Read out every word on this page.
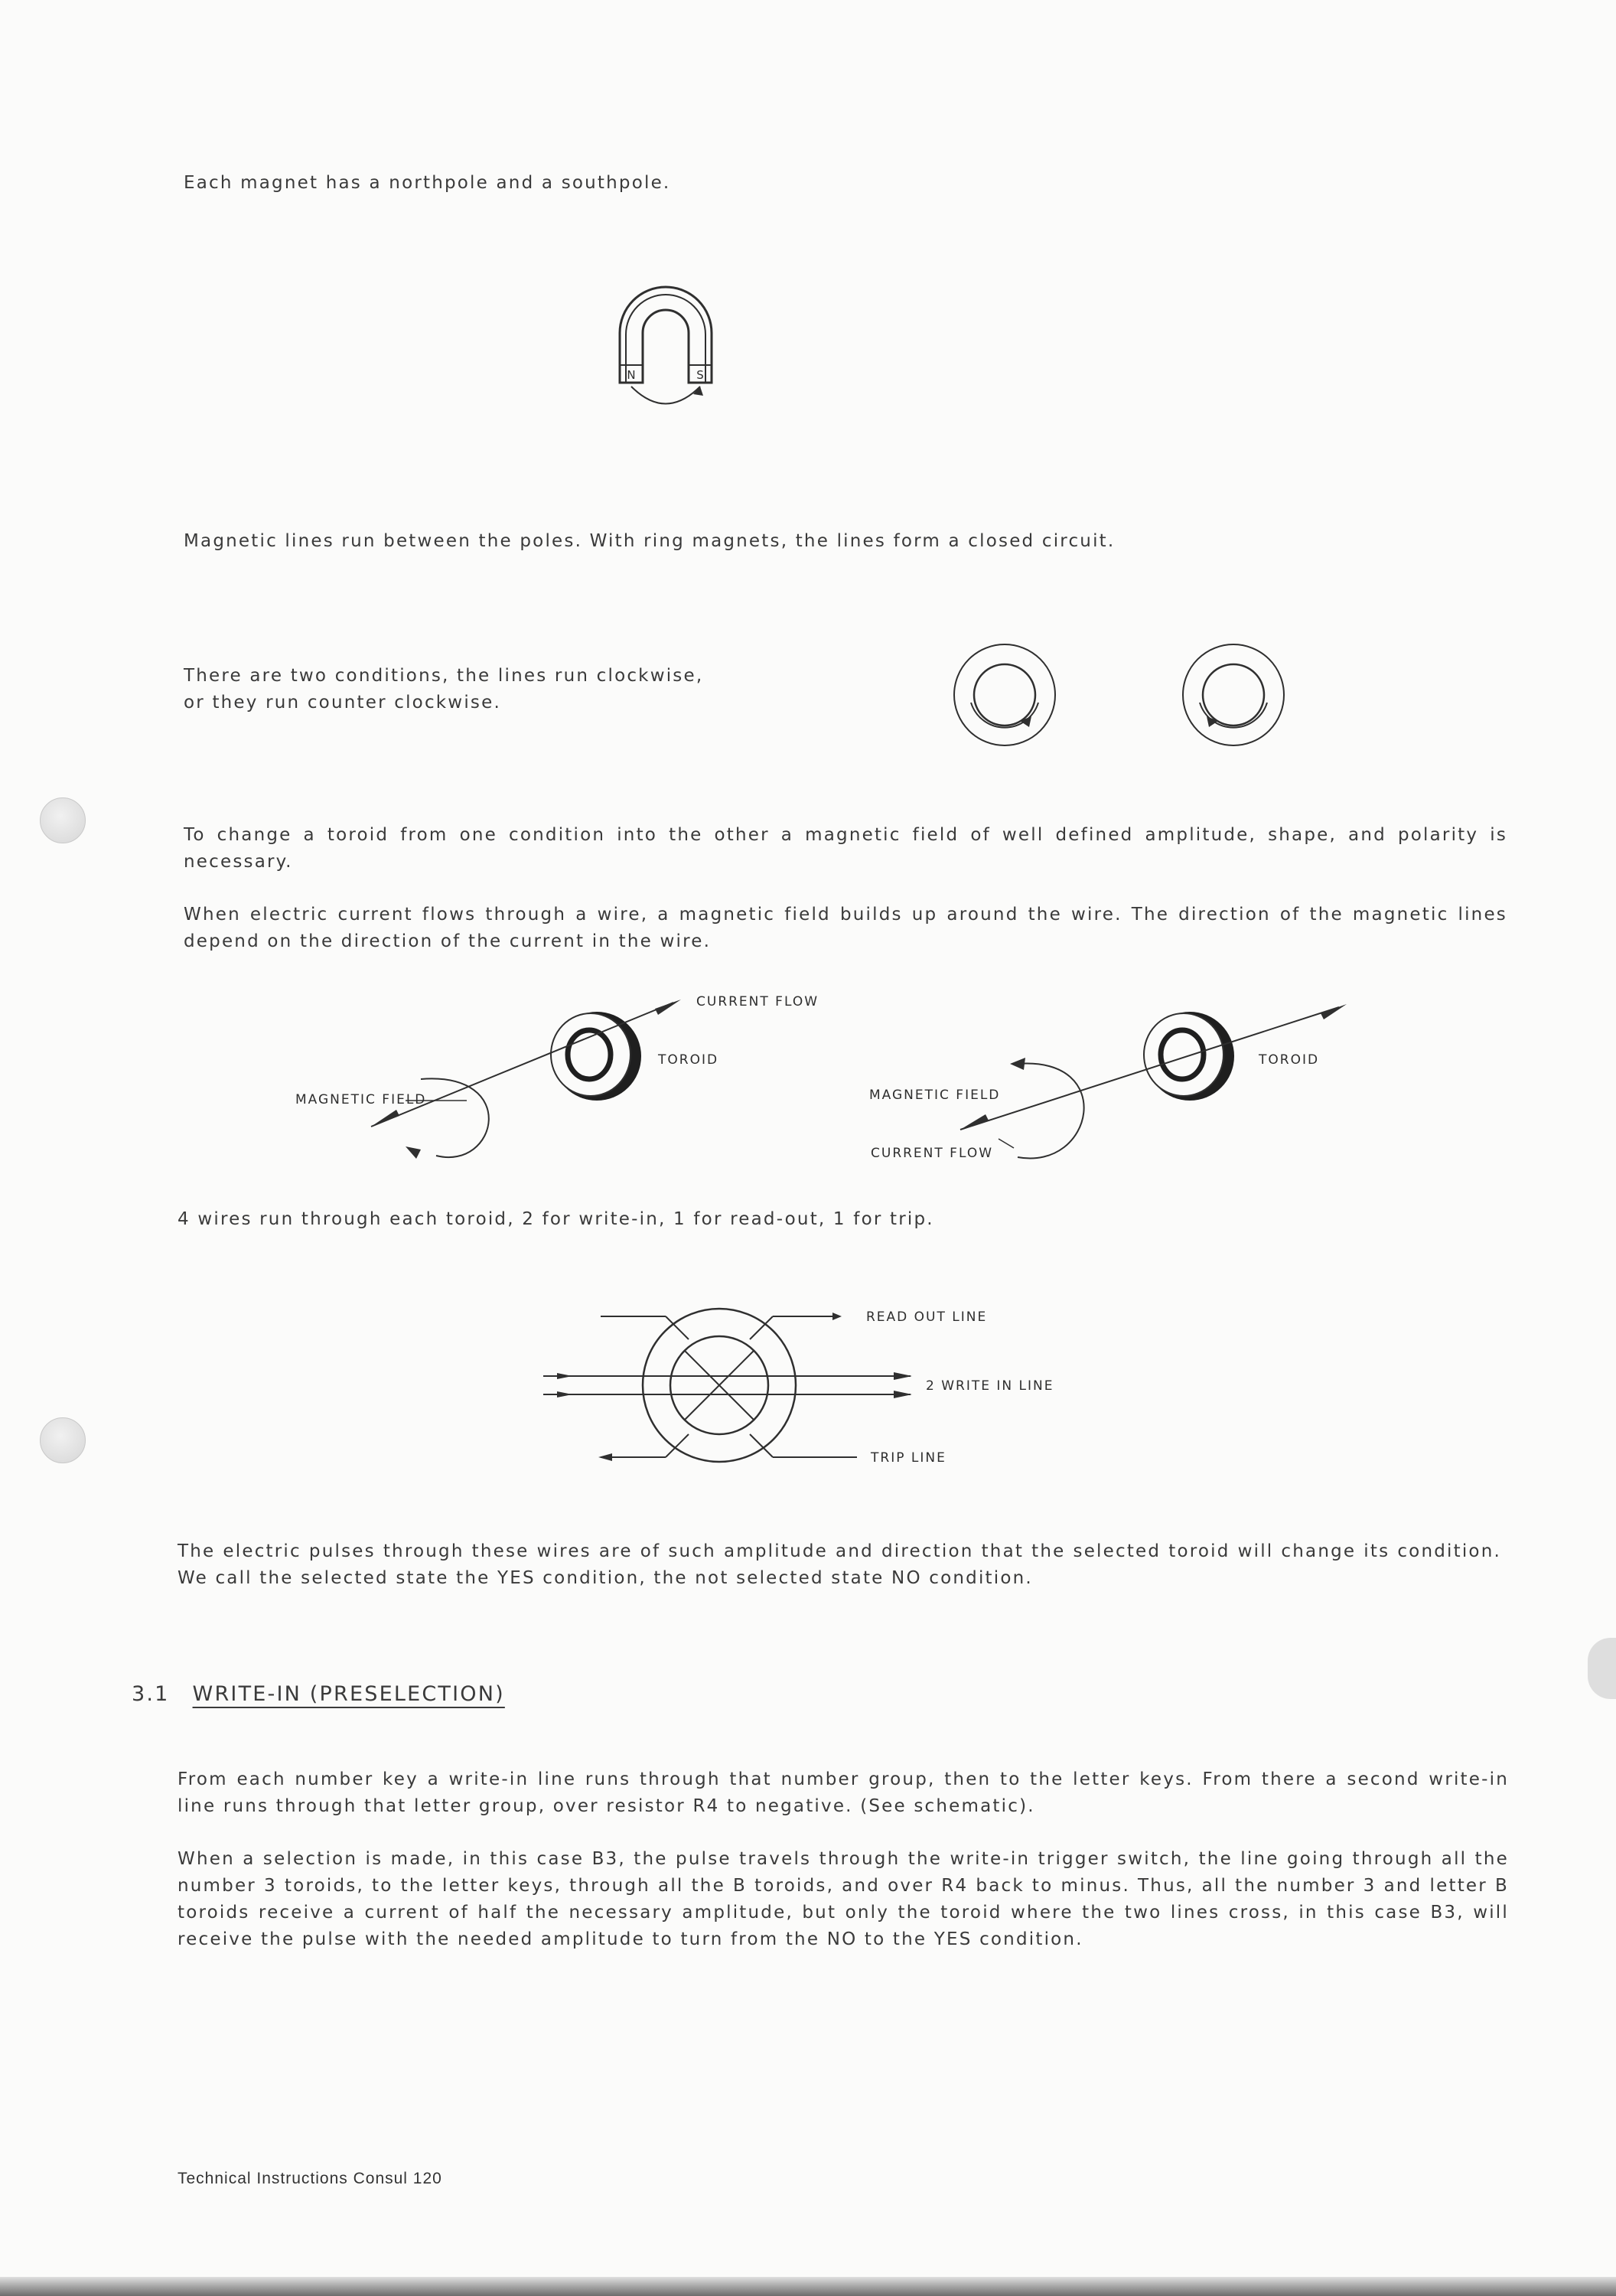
Each magnet has a northpole and a southpole.

N	S

Magnetic lines run between the poles. With ring magnets, the lines form a closed circuit.

There are two conditions, the lines run clockwise,
or they run counter clockwise.

To change a toroid from one condition into the other a magnetic field of well defined amplitude, shape, and polarity is necessary.

When electric current flows through a wire, a magnetic field builds up around the wire. The direction of the magnetic lines depend on the direction of the current in the wire.

CURRENT FLOW
TOROID
MAGNETIC FIELD	MAGNETIC FIELD
CURRENT FLOW
TOROID

4 wires run through each toroid, 2 for write-in, 1 for read-out, 1 for trip.

READ OUT LINE
2 WRITE IN LINE
TRIP LINE

The electric pulses through these wires are of such amplitude and direction that the selected toroid will change its condition. We call the selected state the YES condition, the not selected state NO condition.

3.1 WRITE-IN (PRESELECTION)

From each number key a write-in line runs through that number group, then to the letter keys. From there a second write-in line runs through that letter group, over resistor R4 to negative. (See schematic).

When a selection is made, in this case B3, the pulse travels through the write-in trigger switch, the line going through all the number 3 toroids, to the letter keys, through all the B toroids, and over R4 back to minus. Thus, all the number 3 and letter B toroids receive a current of half the necessary amplitude, but only the toroid where the two lines cross, in this case B3, will receive the pulse with the needed amplitude to turn from the NO to the YES condition.

Technical Instructions Consul 120
